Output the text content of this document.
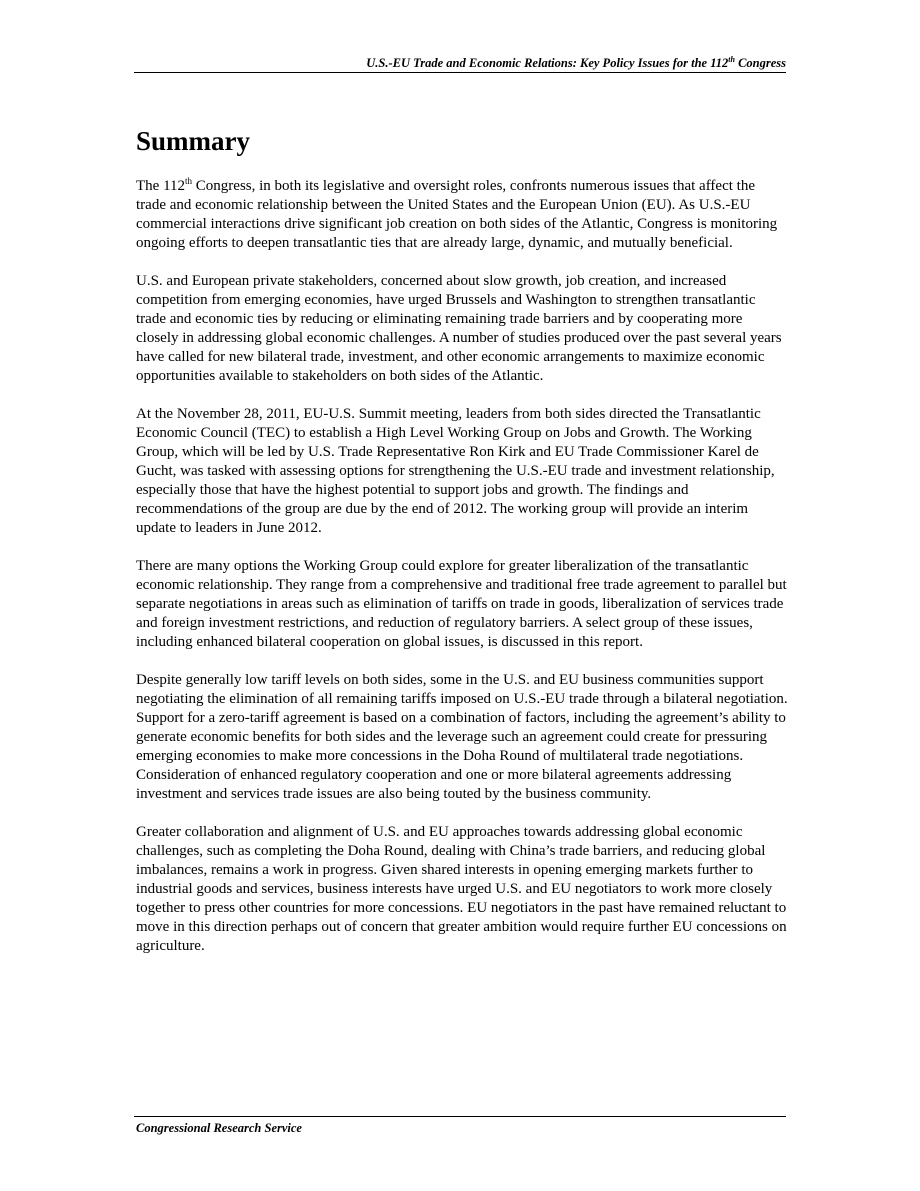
U.S.-EU Trade and Economic Relations: Key Policy Issues for the 112th Congress
Summary

The 112th Congress, in both its legislative and oversight roles, confronts numerous issues that affect the trade and economic relationship between the United States and the European Union (EU). As U.S.-EU commercial interactions drive significant job creation on both sides of the Atlantic, Congress is monitoring ongoing efforts to deepen transatlantic ties that are already large, dynamic, and mutually beneficial.

U.S. and European private stakeholders, concerned about slow growth, job creation, and increased competition from emerging economies, have urged Brussels and Washington to strengthen transatlantic trade and economic ties by reducing or eliminating remaining trade barriers and by cooperating more closely in addressing global economic challenges. A number of studies produced over the past several years have called for new bilateral trade, investment, and other economic arrangements to maximize economic opportunities available to stakeholders on both sides of the Atlantic.

At the November 28, 2011, EU-U.S. Summit meeting, leaders from both sides directed the Transatlantic Economic Council (TEC) to establish a High Level Working Group on Jobs and Growth. The Working Group, which will be led by U.S. Trade Representative Ron Kirk and EU Trade Commissioner Karel de Gucht, was tasked with assessing options for strengthening the U.S.-EU trade and investment relationship, especially those that have the highest potential to support jobs and growth. The findings and recommendations of the group are due by the end of 2012. The working group will provide an interim update to leaders in June 2012.

There are many options the Working Group could explore for greater liberalization of the transatlantic economic relationship. They range from a comprehensive and traditional free trade agreement to parallel but separate negotiations in areas such as elimination of tariffs on trade in goods, liberalization of services trade and foreign investment restrictions, and reduction of regulatory barriers. A select group of these issues, including enhanced bilateral cooperation on global issues, is discussed in this report.

Despite generally low tariff levels on both sides, some in the U.S. and EU business communities support negotiating the elimination of all remaining tariffs imposed on U.S.-EU trade through a bilateral negotiation. Support for a zero-tariff agreement is based on a combination of factors, including the agreement’s ability to generate economic benefits for both sides and the leverage such an agreement could create for pressuring emerging economies to make more concessions in the Doha Round of multilateral trade negotiations. Consideration of enhanced regulatory cooperation and one or more bilateral agreements addressing investment and services trade issues are also being touted by the business community.

Greater collaboration and alignment of U.S. and EU approaches towards addressing global economic challenges, such as completing the Doha Round, dealing with China’s trade barriers, and reducing global imbalances, remains a work in progress. Given shared interests in opening emerging markets further to industrial goods and services, business interests have urged U.S. and EU negotiators to work more closely together to press other countries for more concessions. EU negotiators in the past have remained reluctant to move in this direction perhaps out of concern that greater ambition would require further EU concessions on agriculture.

Congressional Research Service
